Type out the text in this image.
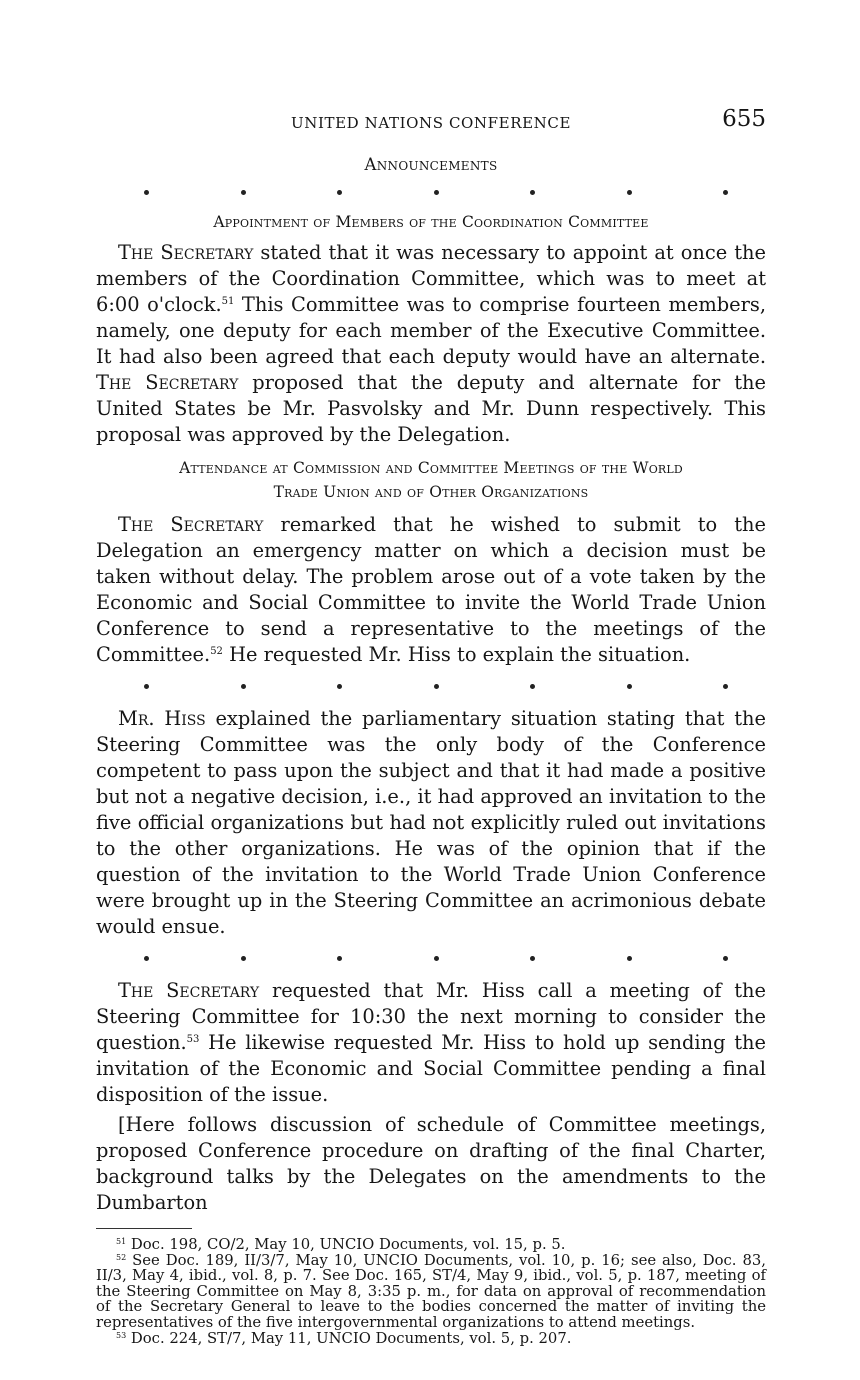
UNITED NATIONS CONFERENCE	655
Announcements
Appointment of Members of the Coordination Committee

The Secretary stated that it was necessary to appoint at once the members of the Coordination Committee, which was to meet at 6:00 o'clock.$^{51}$ This Committee was to comprise fourteen members, namely, one deputy for each member of the Executive Committee. It had also been agreed that each deputy would have an alternate. The Secretary proposed that the deputy and alternate for the United States be Mr. Pasvolsky and Mr. Dunn respectively. This proposal was approved by the Delegation.

Attendance at Commission and Committee Meetings of the World
Trade Union and of Other Organizations

The Secretary remarked that he wished to submit to the Delegation an emergency matter on which a decision must be taken without delay. The problem arose out of a vote taken by the Economic and Social Committee to invite the World Trade Union Conference to send a representative to the meetings of the Committee.$^{52}$ He requested Mr. Hiss to explain the situation.

Mr. Hiss explained the parliamentary situation stating that the Steering Committee was the only body of the Conference competent to pass upon the subject and that it had made a positive but not a negative decision, i.e., it had approved an invitation to the five official organizations but had not explicitly ruled out invitations to the other organizations. He was of the opinion that if the question of the invitation to the World Trade Union Conference were brought up in the Steering Committee an acrimonious debate would ensue.

The Secretary requested that Mr. Hiss call a meeting of the Steering Committee for 10:30 the next morning to consider the question.$^{53}$ He likewise requested Mr. Hiss to hold up sending the invitation of the Economic and Social Committee pending a final disposition of the issue.

[Here follows discussion of schedule of Committee meetings, proposed Conference procedure on drafting of the final Charter, background talks by the Delegates on the amendments to the Dumbarton

$^{51}$ Doc. 198, CO/2, May 10, UNCIO Documents, vol. 15, p. 5.

$^{52}$ See Doc. 189, II/3/7, May 10, UNCIO Documents, vol. 10, p. 16; see also, Doc. 83, II/3, May 4, ibid., vol. 8, p. 7. See Doc. 165, ST/4, May 9, ibid., vol. 5, p. 187, meeting of the Steering Committee on May 8, 3:35 p. m., for data on approval of recommendation of the Secretary General to leave to the bodies concerned the matter of inviting the representatives of the five intergovernmental organizations to attend meetings.

$^{53}$ Doc. 224, ST/7, May 11, UNCIO Documents, vol. 5, p. 207.
